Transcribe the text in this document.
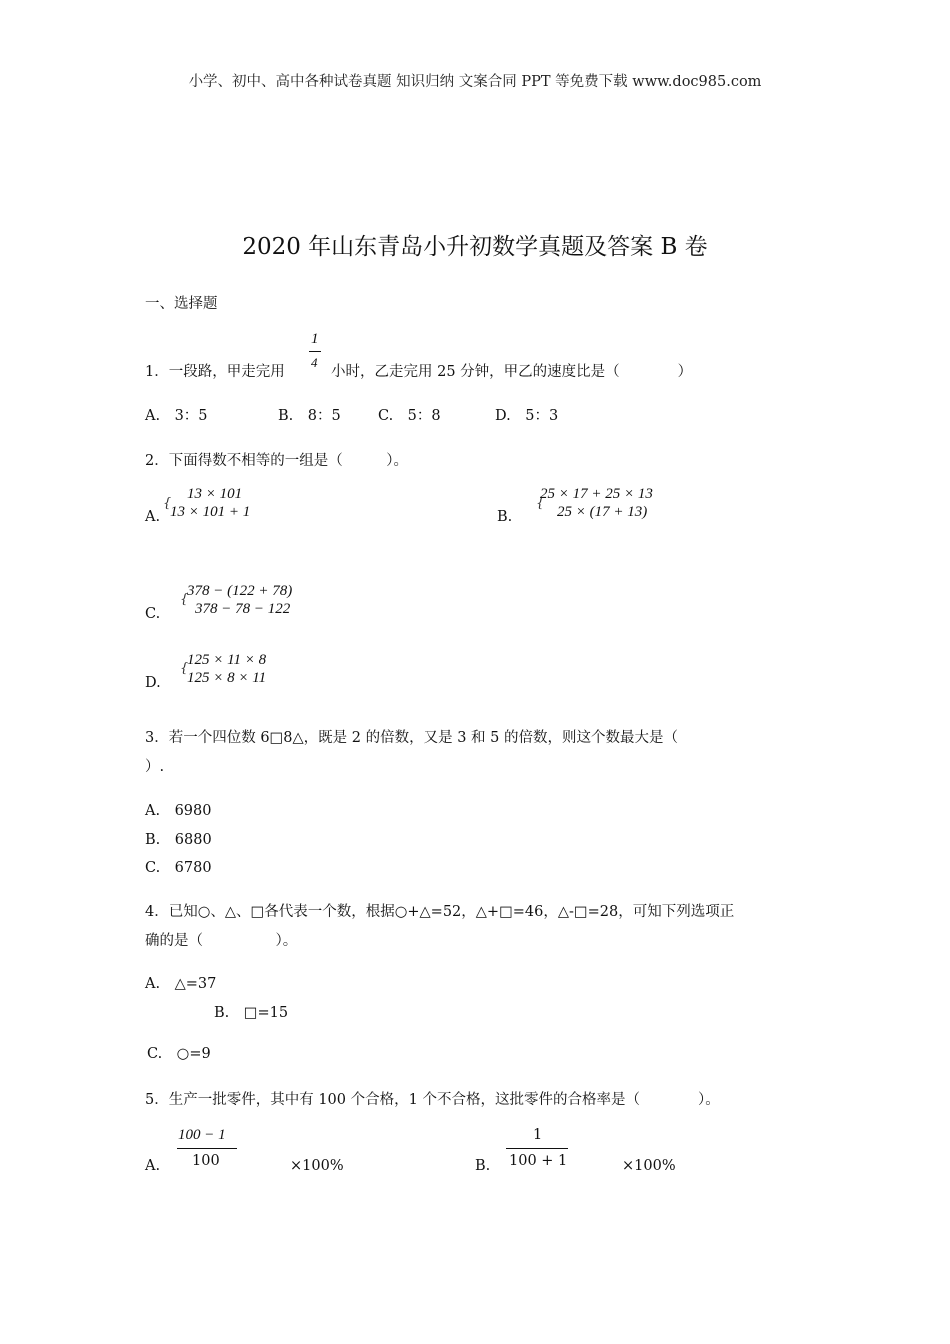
小学、初中、高中各种试卷真题 知识归纳 文案合同 PPT 等免费下载 www.doc985.com
2020 年山东青岛小升初数学真题及答案 B 卷
一、选择题
1
4
1．一段路，甲走完用	小时，乙走完用 25 分钟，甲乙的速度比是（　　　　）
A.　3：5	B.　8：5	C.　5：8	D.　5：3
2．下面得数不相等的一组是（　　　）。
A.
{
13 × 101
13 × 101 + 1	B.
{
25 × 17 + 25 × 13
25 × (17 + 13)
C.
{
378 − (122 + 78)
378 − 78 − 122
D.
{
125 × 11 × 8
125 × 8 × 11
3．若一个四位数 6□8△，既是 2 的倍数，又是 3 和 5 的倍数，则这个数最大是（
）.
A.　6980
B.　6880
C.　6780
4．已知○、△、□各代表一个数，根据○+△=52，△+□=46，△-□=28，可知下列选项正
确的是（　　　　　）。
A.　△=37
B.　□=15
C.　○=9
5．生产一批零件，其中有 100 个合格，1 个不合格，这批零件的合格率是（　　　　）。
A.
100 − 1
100	×100%	B.
1
100 + 1	×100%
